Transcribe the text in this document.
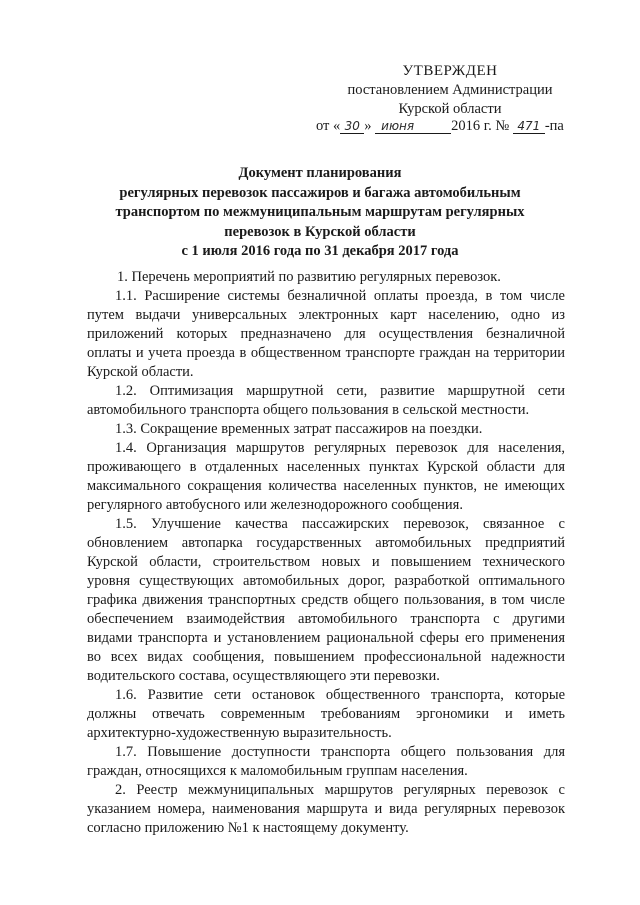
УТВЕРЖДЕН
постановлением Администрации
Курской области
от « 30 » июня	2016 г. № 471 -па
Документ планирования
регулярных перевозок пассажиров и багажа автомобильным
транспортом по межмуниципальным маршрутам регулярных
перевозок в Курской области
с 1 июля 2016 года по 31 декабря 2017 года

1. Перечень мероприятий по развитию регулярных перевозок.

1.1. Расширение системы безналичной оплаты проезда, в том числе путем выдачи универсальных электронных карт населению, одно из приложений которых предназначено для осуществления безналичной оплаты и учета проезда в общественном транспорте граждан на территории Курской области.

1.2. Оптимизация маршрутной сети, развитие маршрутной сети автомобильного транспорта общего пользования в сельской местности.

1.3. Сокращение временных затрат пассажиров на поездки.

1.4. Организация маршрутов регулярных перевозок для населения, проживающего в отдаленных населенных пунктах Курской области для максимального сокращения количества населенных пунктов, не имеющих регулярного автобусного или железнодорожного сообщения.

1.5. Улучшение качества пассажирских перевозок, связанное с обновлением автопарка государственных автомобильных предприятий Курской области, строительством новых и повышением технического уровня существующих автомобильных дорог, разработкой оптимального графика движения транспортных средств общего пользования, в том числе обеспечением взаимодействия автомобильного транспорта с другими видами транспорта и установлением рациональной сферы его применения во всех видах сообщения, повышением профессиональной надежности водительского состава, осуществляющего эти перевозки.

1.6. Развитие сети остановок общественного транспорта, которые должны отвечать современным требованиям эргономики и иметь архитектурно-художественную выразительность.

1.7. Повышение доступности транспорта общего пользования для граждан, относящихся к маломобильным группам населения.

2. Реестр межмуниципальных маршрутов регулярных перевозок с указанием номера, наименования маршрута и вида регулярных перевозок согласно приложению №1 к настоящему документу.
